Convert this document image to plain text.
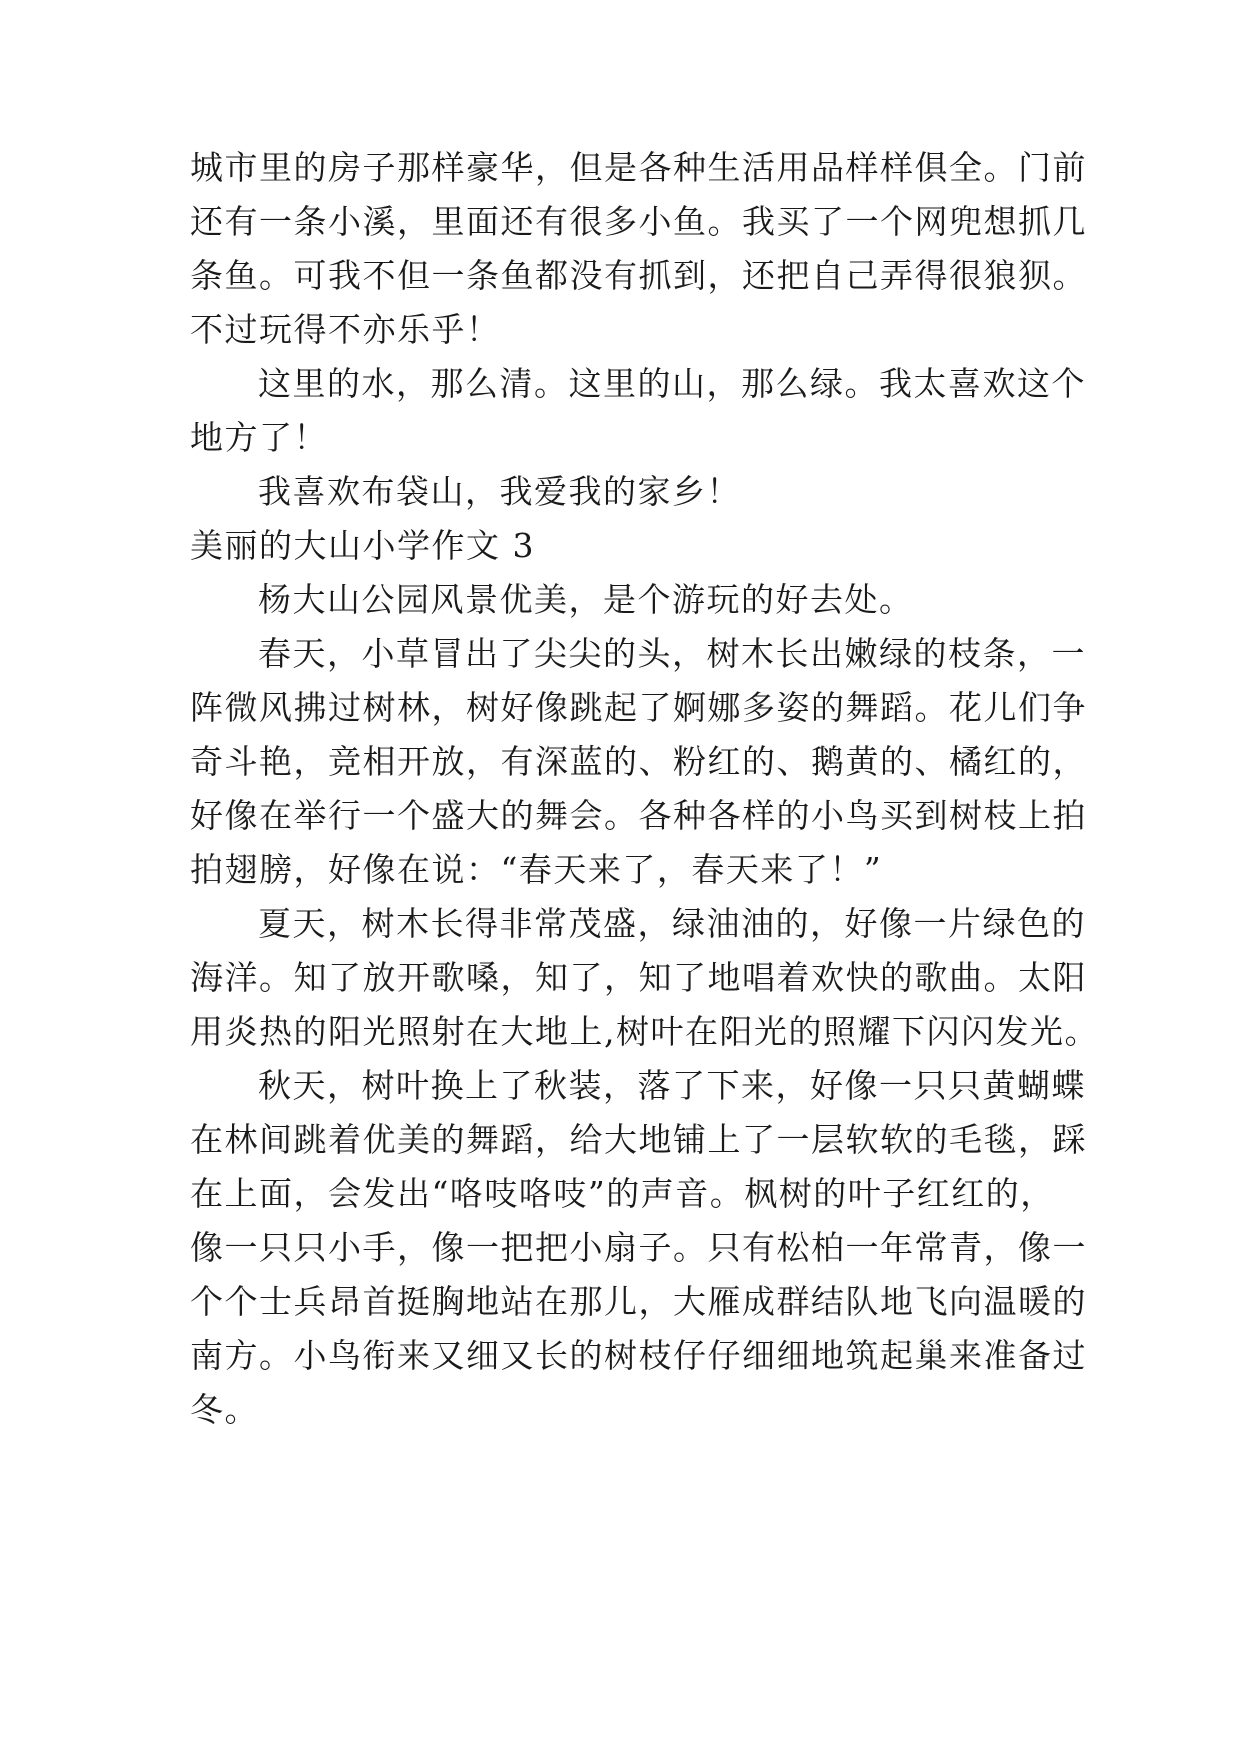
城市里的房子那样豪华，但是各种生活用品样样俱全。门前
还有一条小溪，里面还有很多小鱼。我买了一个网兜想抓几
条鱼。可我不但一条鱼都没有抓到，还把自己弄得很狼狈。
不过玩得不亦乐乎！
这里的水，那么清。这里的山，那么绿。我太喜欢这个
地方了！
我喜欢布袋山，我爱我的家乡！
美丽的大山小学作文 3
杨大山公园风景优美，是个游玩的好去处。
春天，小草冒出了尖尖的头，树木长出嫩绿的枝条，一
阵微风拂过树林，树好像跳起了婀娜多姿的舞蹈。花儿们争
奇斗艳，竞相开放，有深蓝的、粉红的、鹅黄的、橘红的，
好像在举行一个盛大的舞会。各种各样的小鸟买到树枝上拍
拍翅膀，好像在说：“春天来了，春天来了！”
夏天，树木长得非常茂盛，绿油油的，好像一片绿色的
海洋。知了放开歌嗓，知了，知了地唱着欢快的歌曲。太阳
用炎热的阳光照射在大地上,树叶在阳光的照耀下闪闪发光。
秋天，树叶换上了秋装，落了下来，好像一只只黄蝴蝶
在林间跳着优美的舞蹈，给大地铺上了一层软软的毛毯，踩
在上面，会发出“咯吱咯吱”的声音。枫树的叶子红红的，
像一只只小手，像一把把小扇子。只有松柏一年常青，像一
个个士兵昂首挺胸地站在那儿，大雁成群结队地飞向温暖的
南方。小鸟衔来又细又长的树枝仔仔细细地筑起巢来准备过
冬。
